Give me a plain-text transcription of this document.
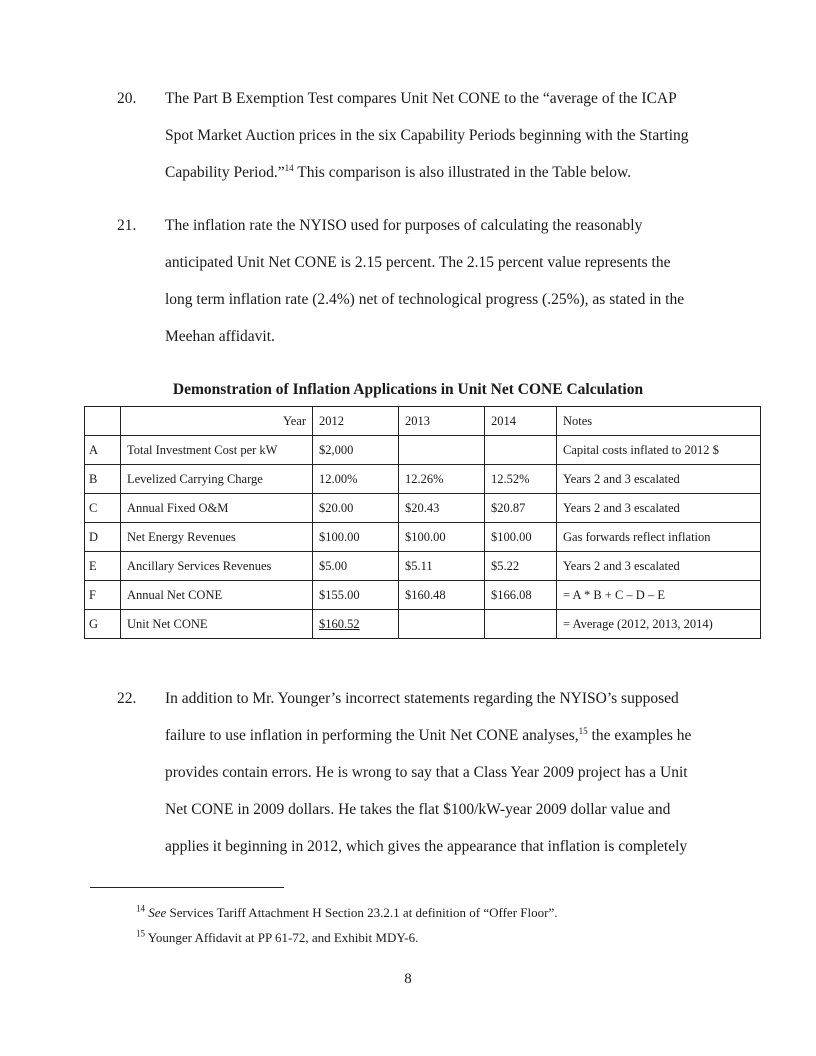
20. The Part B Exemption Test compares Unit Net CONE to the “average of the ICAP
Spot Market Auction prices in the six Capability Periods beginning with the Starting
Capability Period.”$^{14}$ This comparison is also illustrated in the Table below.
21. The inflation rate the NYISO used for purposes of calculating the reasonably
anticipated Unit Net CONE is 2.15 percent. The 2.15 percent value represents the
long term inflation rate (2.4%) net of technological progress (.25%), as stated in the
Meehan affidavit.
Demonstration of Inflation Applications in Unit Net CONE Calculation
	Year	2012	2013	2014	Notes
A	Total Investment Cost per kW	$2,000			Capital costs inflated to 2012 $
B	Levelized Carrying Charge	12.00%	12.26%	12.52%	Years 2 and 3 escalated
C	Annual Fixed O&M	$20.00	$20.43	$20.87	Years 2 and 3 escalated
D	Net Energy Revenues	$100.00	$100.00	$100.00	Gas forwards reflect inflation
E	Ancillary Services Revenues	$5.00	$5.11	$5.22	Years 2 and 3 escalated
F	Annual Net CONE	$155.00	$160.48	$166.08	= A * B + C – D – E
G	Unit Net CONE	$160.52			= Average (2012, 2013, 2014)
22. In addition to Mr. Younger’s incorrect statements regarding the NYISO’s supposed
failure to use inflation in performing the Unit Net CONE analyses,$^{15}$ the examples he
provides contain errors. He is wrong to say that a Class Year 2009 project has a Unit
Net CONE in 2009 dollars. He takes the flat $100/kW-year 2009 dollar value and
applies it beginning in 2012, which gives the appearance that inflation is completely
$^{14}$ See Services Tariff Attachment H Section 23.2.1 at definition of “Offer Floor”.
$^{15}$ Younger Affidavit at PP 61-72, and Exhibit MDY-6.
8
